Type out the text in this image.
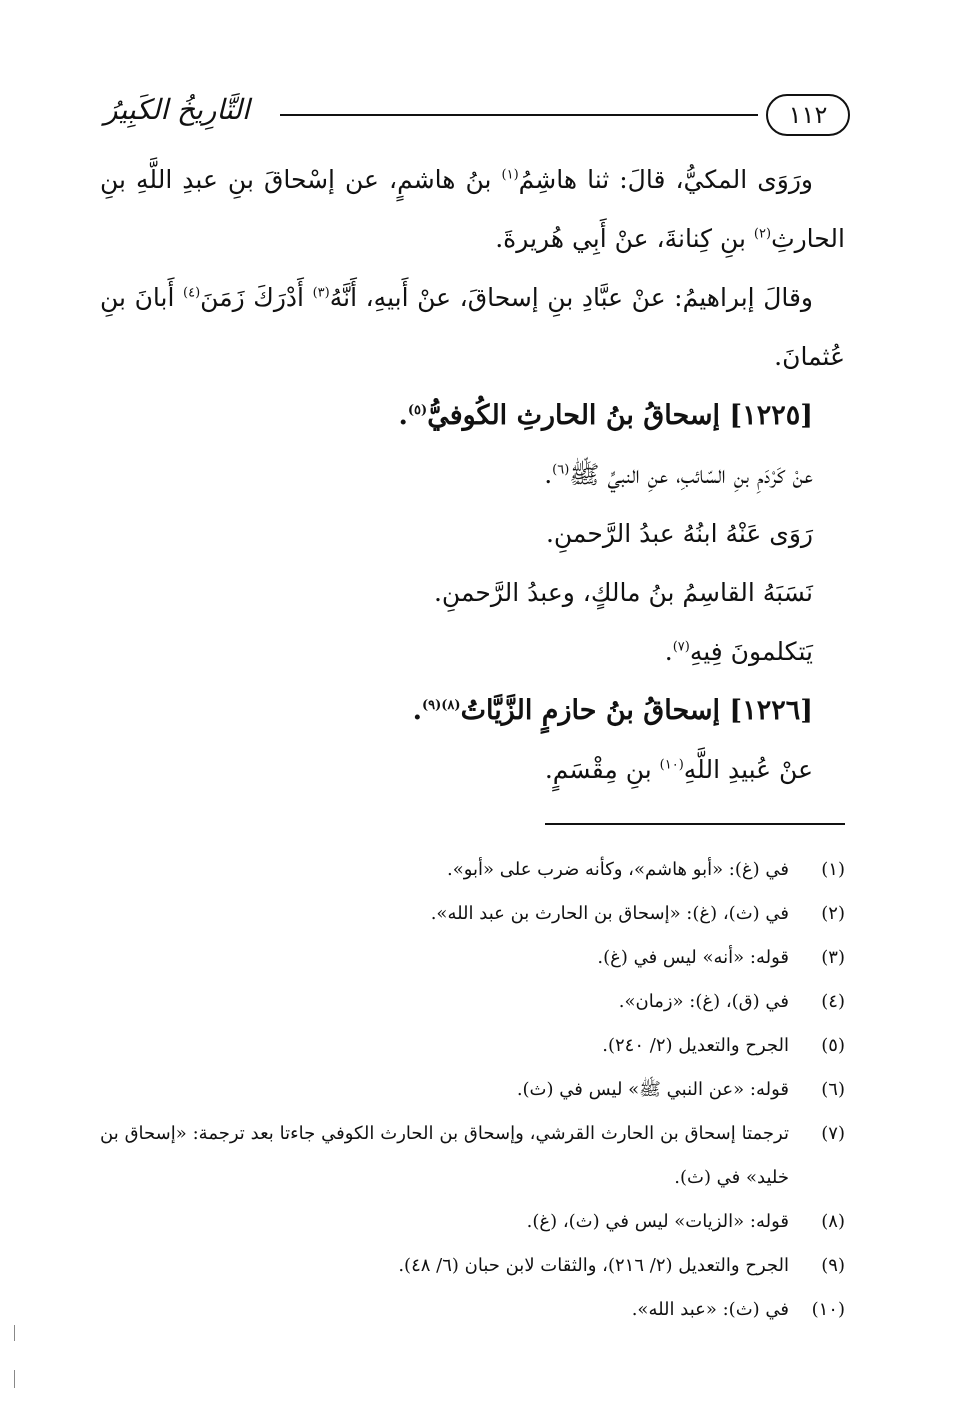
١١٢
التَّارِيخُ الكَبِيرُ

ورَوَى المكيُّ، قالَ: ثنا هاشِمُ$^{(١)}$ بنُ هاشمٍ، عن إسْحاقَ بنِ عبدِ اللَّهِ بنِ الحارثِ$^{(٢)}$ بنِ كِنانةَ، عنْ أَبِي هُريرةَ.

وقالَ إبراهيمُ: عنْ عبَّادِ بنِ إسحاقَ، عنْ أَبيهِ، أَنَّهُ$^{(٣)}$ أَدْرَكَ زَمَنَ$^{(٤)}$ أَبانَ بنِ عُثمانَ.

[١٢٢٥] إسحاقُ بنُ الحارثِ الكُوفيُّ$^{(٥)}$.

عنْ كَرْدَمِ بنِ السّائبِ، عنِ النبيِّ ﷺ$^{(٦)}$.

رَوَى عَنْهُ ابنُهُ عبدُ الرَّحمنِ.

نَسَبَهُ القاسِمُ بنُ مالكٍ، وعبدُ الرَّحمنِ.

يَتكلمونَ فِيهِ$^{(٧)}$.

[١٢٢٦] إسحاقُ بنُ حازمٍ الزَّيَّاتُ$^{(٨)(٩)}$.

عنْ عُبيدِ اللَّهِ$^{(١٠)}$ بنِ مِقْسَمٍ.

(١)
في (غ): «أبو هاشم»، وكأنه ضرب على «أبو».
(٢)
في (ث)، (غ): «إسحاق بن الحارث بن عبد الله».
(٣)
قوله: «أنه» ليس في (غ).
(٤)
في (ق)، (غ): «زمان».
(٥)
الجرح والتعديل (٢/ ٢٤٠).
(٦)
قوله: «عن النبي ﷺ» ليس في (ث).
(٧)
ترجمتا إسحاق بن الحارث القرشي، وإسحاق بن الحارث الكوفي جاءتا بعد ترجمة: «إسحاق بن خليد» في (ث).
(٨)
قوله: «الزيات» ليس في (ث)، (غ).
(٩)
الجرح والتعديل (٢/ ٢١٦)، والثقات لابن حبان (٦/ ٤٨).
(١٠)
في (ث): «عبد الله».
